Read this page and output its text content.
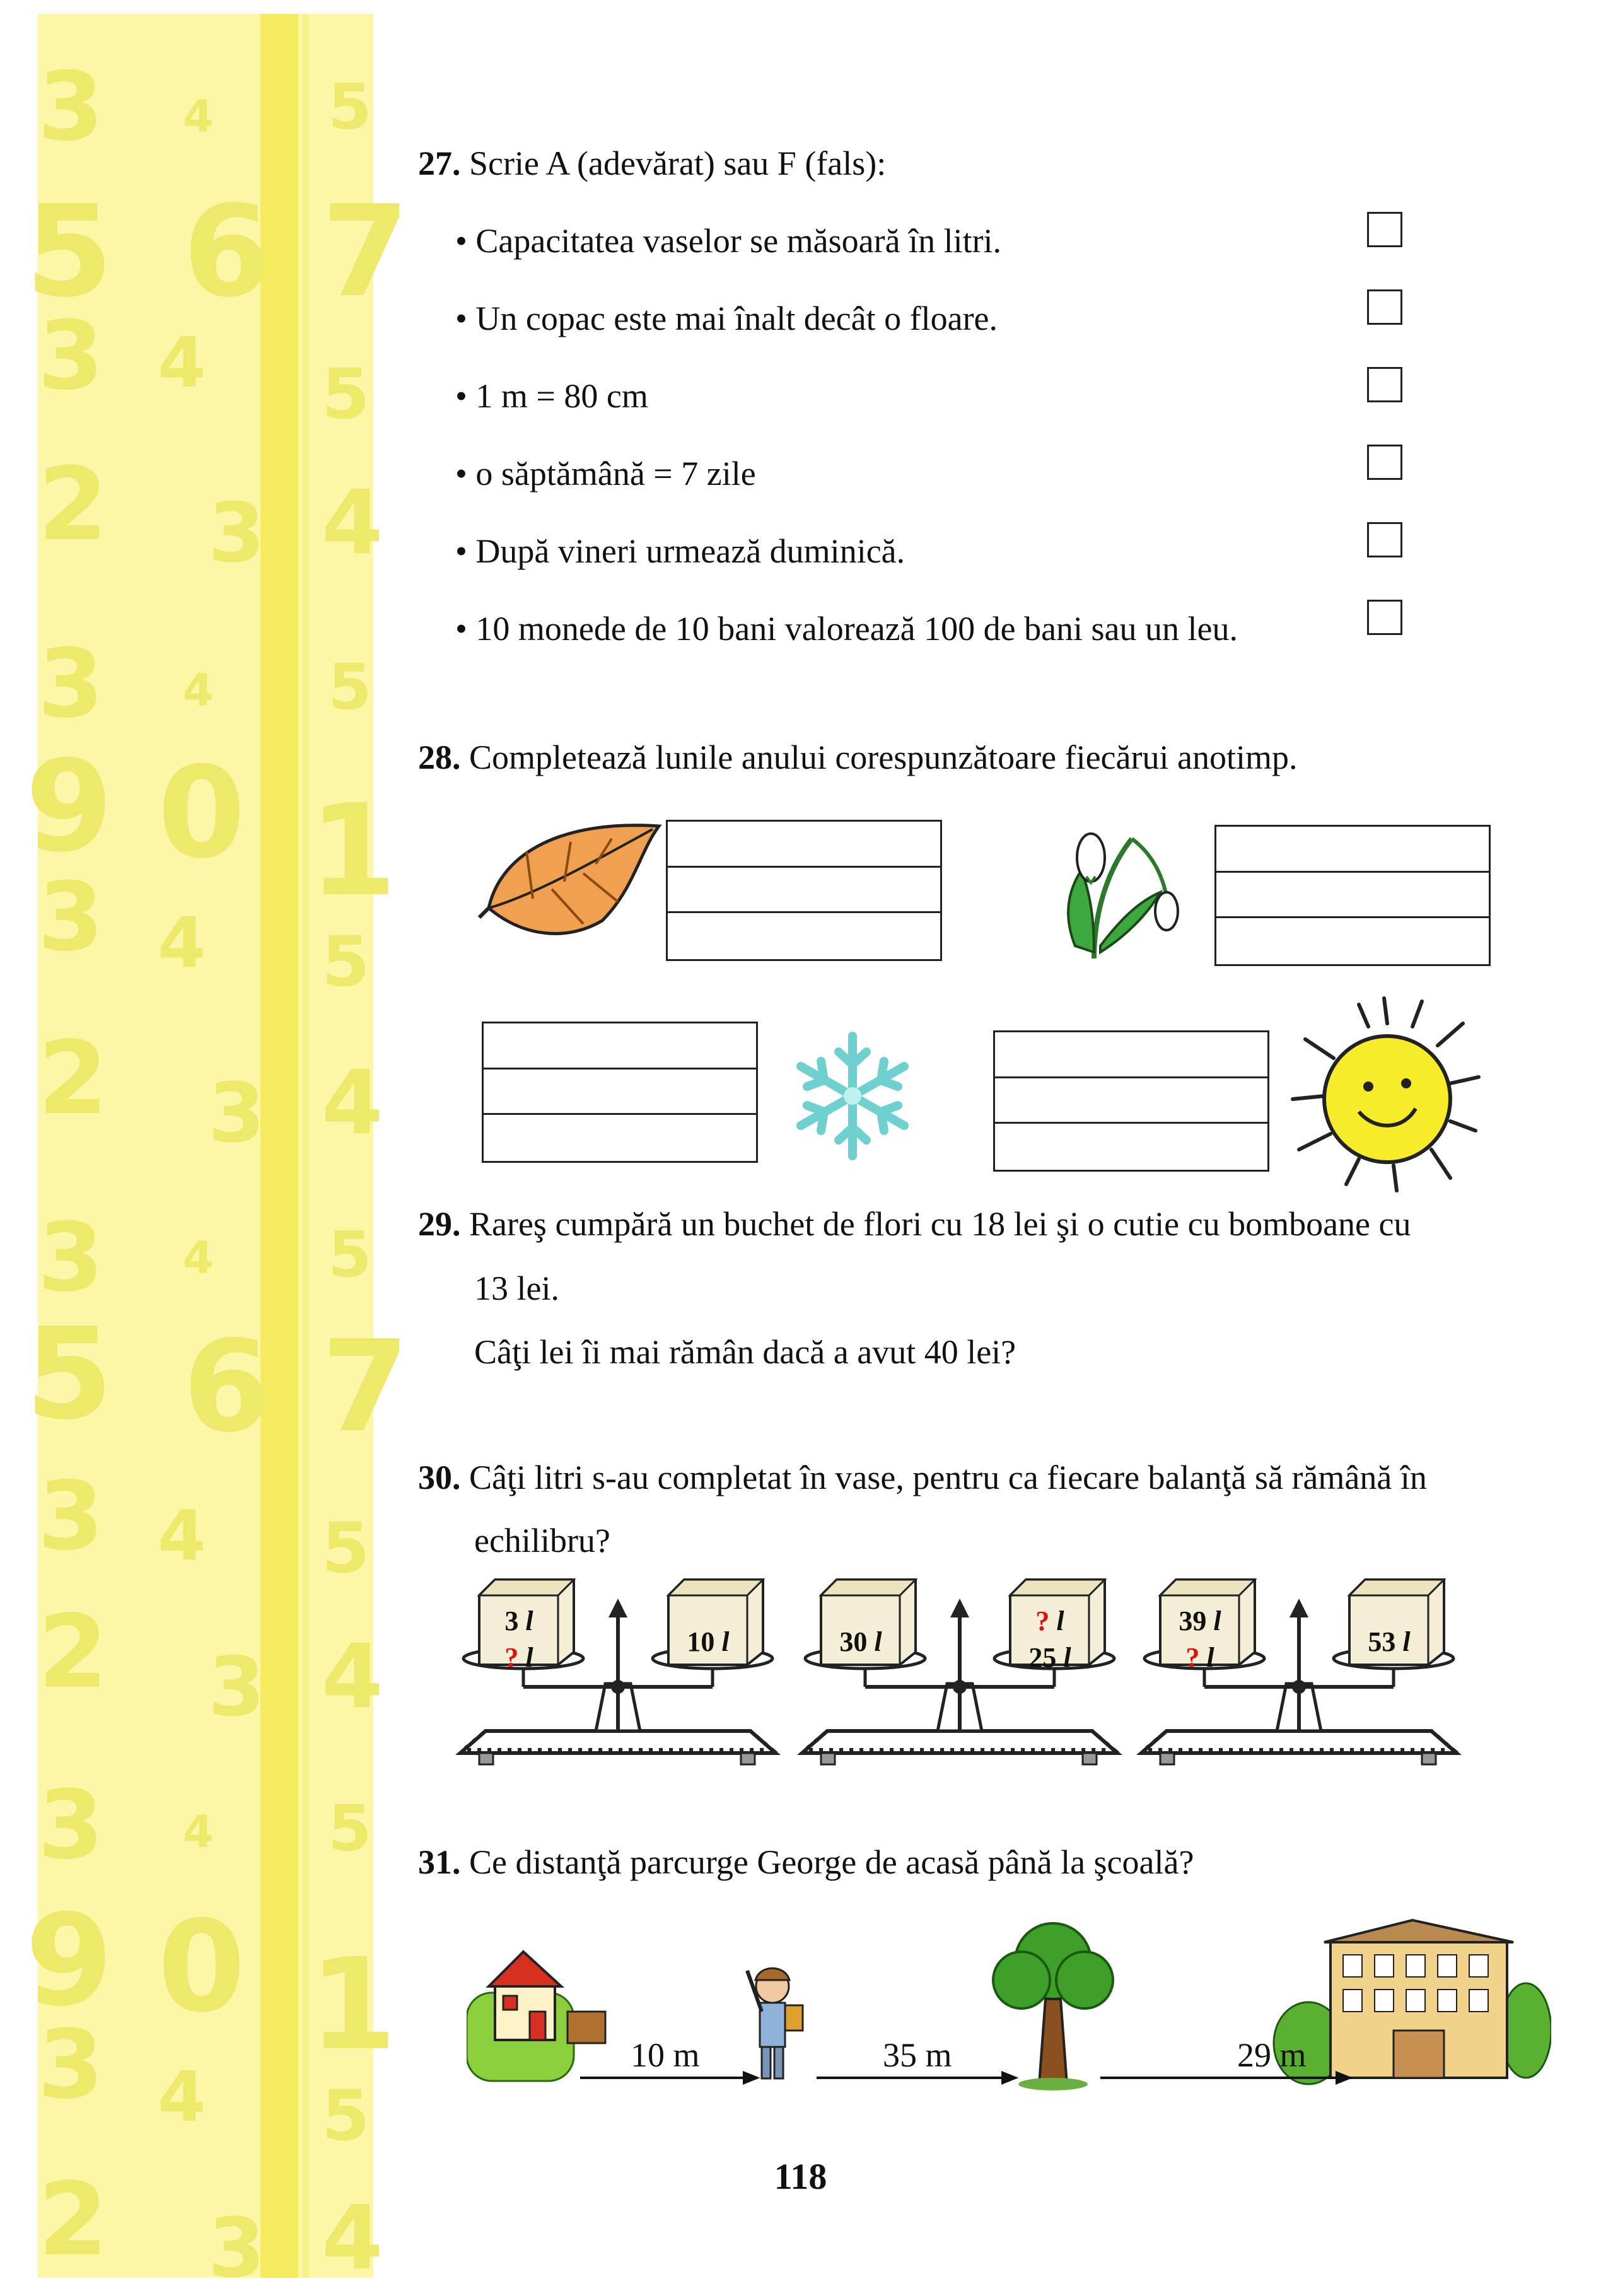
3 4 5
5 6 7
3 4 5
2 3 4
3 4 5
9 0 1
3 4 5
2 3 4
3 4 5
5 6 7
3 4 5
2 3 4
3 4 5
9 0 1
3 4 5
2 3 4
27. Scrie A (adevărat) sau F (fals):
• Capacitatea vaselor se măsoară în litri.
• Un copac este mai înalt decât o floare.
• 1 m = 80 cm
• o săptămână = 7 zile
• După vineri urmează duminică.
• 10 monede de 10 bani valorează 100 de bani sau un leu.
28. Completează lunile anului corespunzătoare fiecărui anotimp.
29. Rareş cumpără un buchet de flori cu 18 lei şi o cutie cu bomboane cu
13 lei.
Câţi lei îi mai rămân dacă a avut 40 lei?
30. Câţi litri s-au completat în vase, pentru ca fiecare balanţă să rămână în
echilibru?
3 l
? l
10 l	30 l
? l
25 l
39 l
? l
53 l
31. Ce distanţă parcurge George de acasă până la şcoală?
10 m	35 m	29 m
118
